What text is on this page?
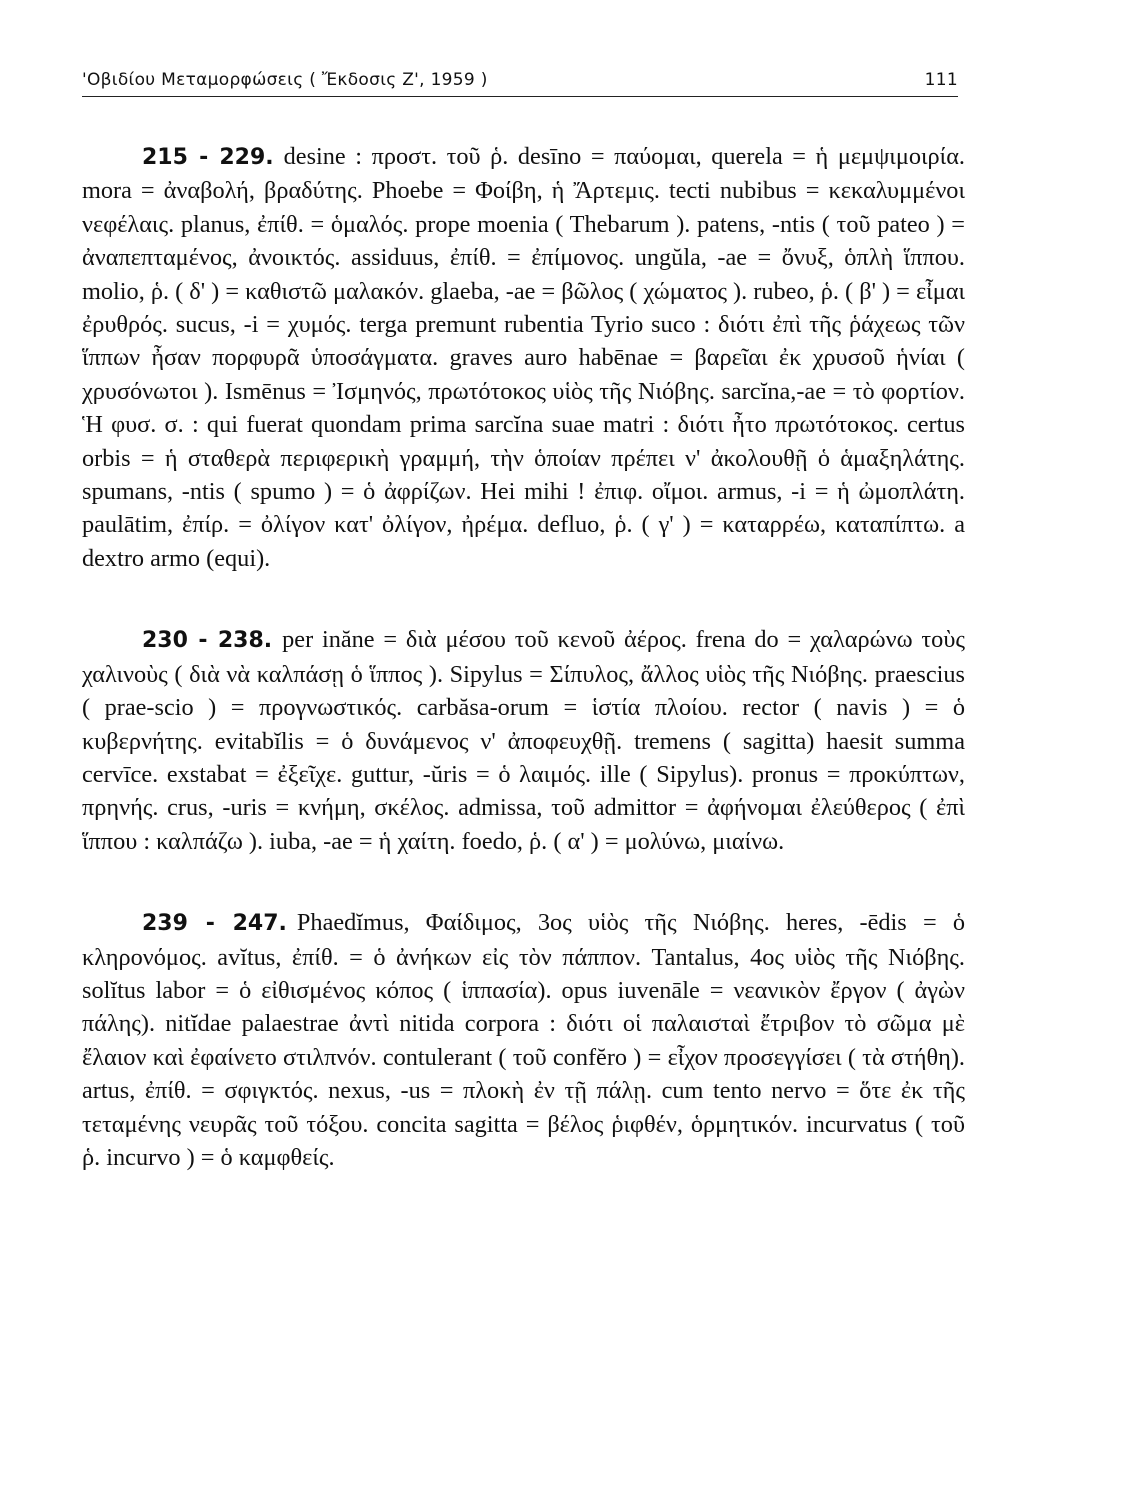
'Οβιδίου Μεταμορφώσεις ( Ἔκδοσις Ζ', 1959 )	111

215 - 229. desine : προστ. τοῦ ῥ. desīno = παύομαι, querela = ἡ μεμψιμοιρία. mora = ἀναβολή, βραδύτης. Phoebe = Φοίβη, ἡ Ἄρτεμις. tecti nubibus = κεκαλυμμένοι νεφέλαις. planus, ἐπίθ. = ὁμαλός. prope moenia ( Thebarum ). patens, -ntis ( τοῦ pateo ) = ἀναπεπταμένος, ἀνοικτός. assiduus, ἐπίθ. = ἐπίμονος. ungŭla, -ae = ὄνυξ, ὁπλὴ ἵππου. molio, ῥ. ( δ' ) = καθιστῶ μαλακόν. glaeba, -ae = βῶλος ( χώματος ). rubeo, ῥ. ( β' ) = εἶμαι ἐρυθρός. sucus, -i = χυμός. terga premunt rubentia Tyrio suco : διότι ἐπὶ τῆς ῥάχεως τῶν ἵππων ἦσαν πορφυρᾶ ὑποσάγματα. graves auro habēnae = βαρεῖαι ἐκ χρυσοῦ ἡνίαι ( χρυσόνωτοι ). Ismēnus = Ἰσμηνός, πρωτότοκος υἱὸς τῆς Νιόβης. sarcĭna,-ae = τὸ φορτίον. Ἡ φυσ. σ. : qui fuerat quondam prima sarcĭna suae matri : διότι ἦτο πρωτότοκος. certus orbis = ἡ σταθερὰ περιφερικὴ γραμμή, τὴν ὁποίαν πρέπει ν' ἀκολουθῇ ὁ ἁμαξηλάτης. spumans, -ntis ( spumo ) = ὁ ἀφρίζων. Hei mihi ! ἐπιφ. οἴμοι. armus, -i = ἡ ὠμοπλάτη. paulātim, ἐπίρ. = ὀλίγον κατ' ὀλίγον, ἠρέμα. defluo, ῥ. ( γ' ) = καταρρέω, καταπίπτω. a dextro armo (equi).

230 - 238. per inăne = διὰ μέσου τοῦ κενοῦ ἀέρος. frena do = χαλαρώνω τοὺς χαλινοὺς ( διὰ νὰ καλπάσῃ ὁ ἵππος ). Sipylus = Σίπυλος, ἄλλος υἱὸς τῆς Νιόβης. praescius ( prae-scio ) = προγνωστικός. carbăsa-orum = ἱστία πλοίου. rector ( navis ) = ὁ κυβερνήτης. evitabĭlis = ὁ δυνάμενος ν' ἀποφευχθῇ. tremens ( sagitta) haesit summa cervīce. exstabat = ἐξεῖχε. guttur, -ŭris = ὁ λαιμός. ille ( Sipylus). pronus = προκύπτων, πρηνής. crus, -uris = κνήμη, σκέλος. admissa, τοῦ admittor = ἀφήνομαι ἐλεύθερος ( ἐπὶ ἵππου : καλπάζω ). iuba, -ae = ἡ χαίτη. foedo, ῥ. ( α' ) = μολύνω, μιαίνω.

239 - 247. Phaedĭmus, Φαίδιμος, 3ος υἱὸς τῆς Νιόβης. heres, -ēdis = ὁ κληρονόμος. avĭtus, ἐπίθ. = ὁ ἀνήκων εἰς τὸν πάππον. Tantalus, 4ος υἱὸς τῆς Νιόβης. solĭtus labor = ὁ εἰθισμένος κόπος ( ἱππασία). opus iuvenāle = νεανικὸν ἔργον ( ἀγὼν πάλης). nitĭdae palaestrae ἀντὶ nitida corpora : διότι οἱ παλαισταὶ ἔτριβον τὸ σῶμα μὲ ἔλαιον καὶ ἐφαίνετο στιλπνόν. contulerant ( τοῦ confĕro ) = εἶχον προσεγγίσει ( τὰ στήθη). artus, ἐπίθ. = σφιγκτός. nexus, -us = πλοκὴ ἐν τῇ πάλῃ. cum tento nervo = ὅτε ἐκ τῆς τεταμένης νευρᾶς τοῦ τόξου. concita sagitta = βέλος ῥιφθέν, ὁρμητικόν. incurvatus ( τοῦ ῥ. incurvo ) = ὁ καμφθείς.
